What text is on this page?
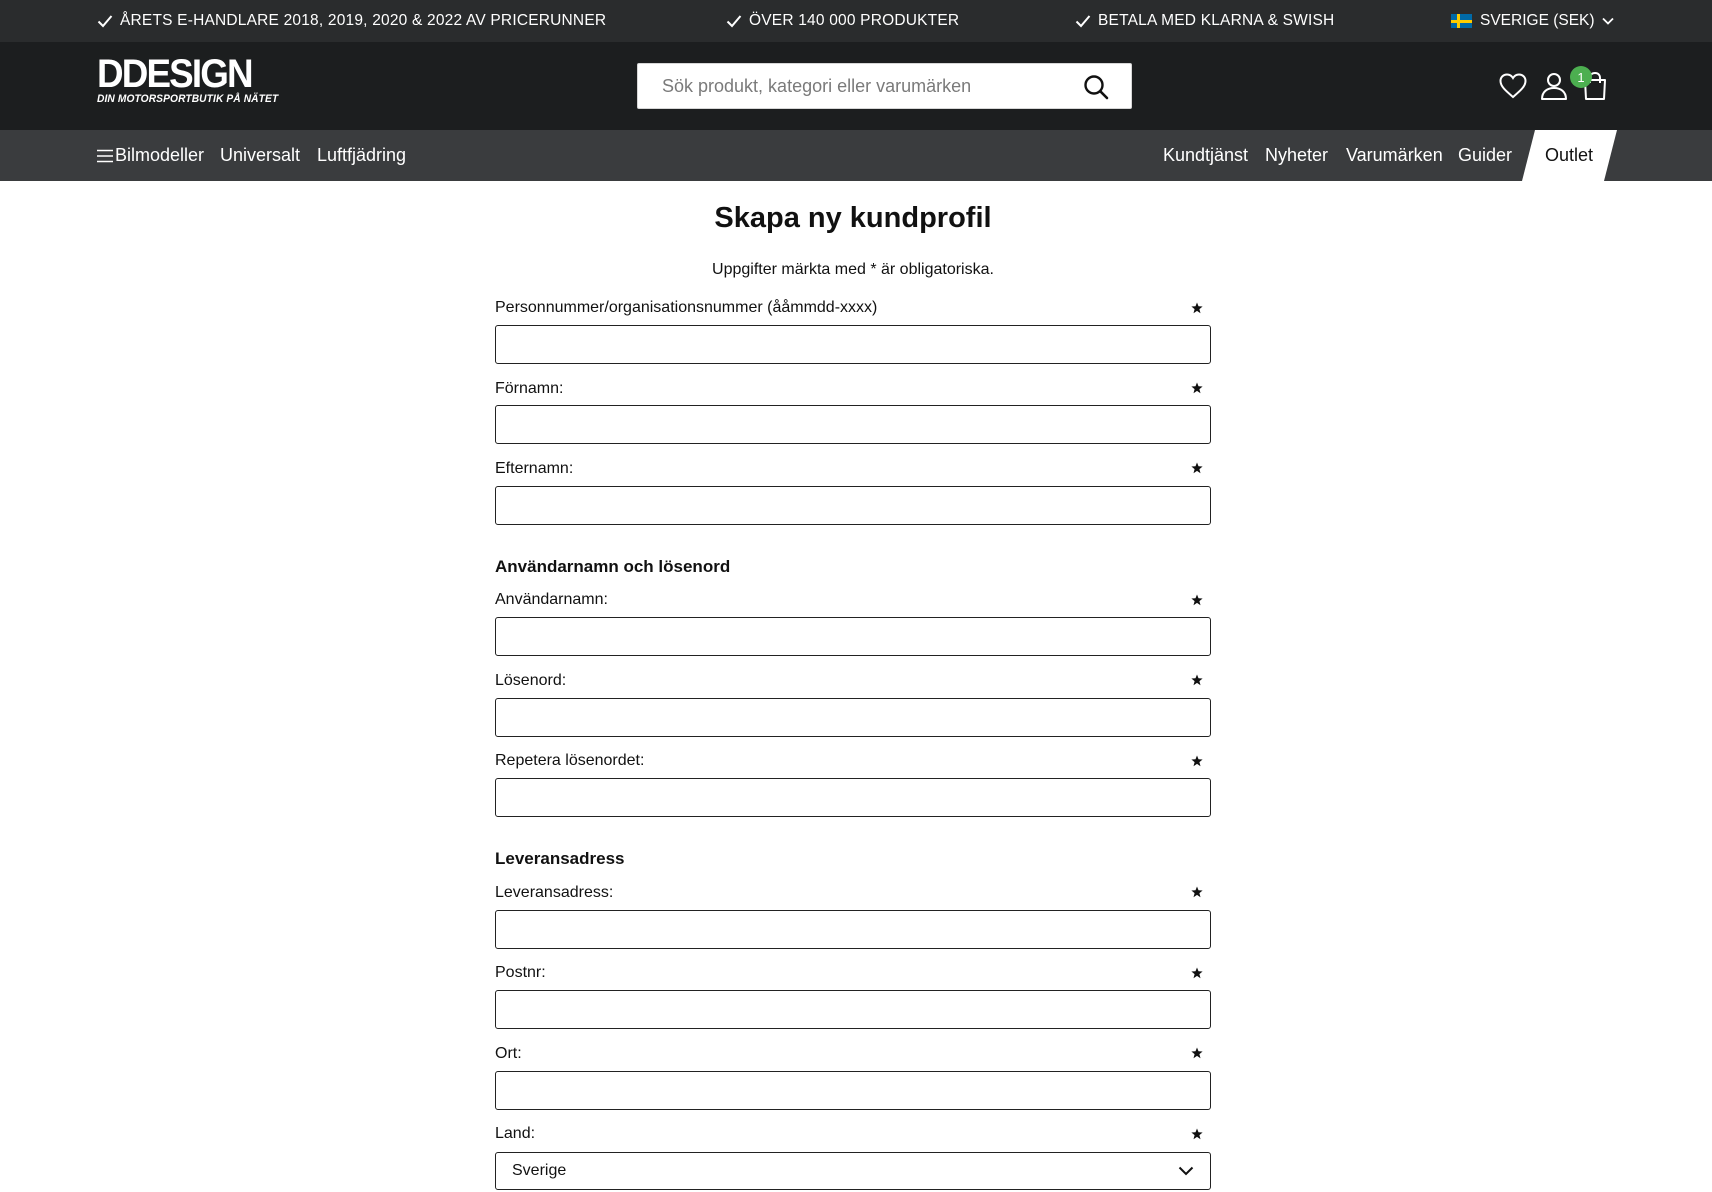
ÅRETS E-HANDLARE 2018, 2019, 2020 & 2022 AV PRICERUNNER	ÖVER 140 000 PRODUKTER	BETALA MED KLARNA & SWISH	SVERIGE (SEK)
DDESIGN
DIN MOTORSPORTBUTIK PÅ NÄTET
Sök produkt, kategori eller varumärken
1
Bilmodeller Universalt Luftfjädring	Kundtjänst Nyheter Varumärken Guider Outlet
Skapa ny kundprofil
Uppgifter märkta med * är obligatoriska.
Personnummer/organisationsnummer (ååmmdd-xxxx)
Förnamn:
Efternamn:
Användarnamn och lösenord
Användarnamn:
Lösenord:
Repetera lösenordet:
Leveransadress
Leveransadress:
Postnr:
Ort:
Land:
Sverige
